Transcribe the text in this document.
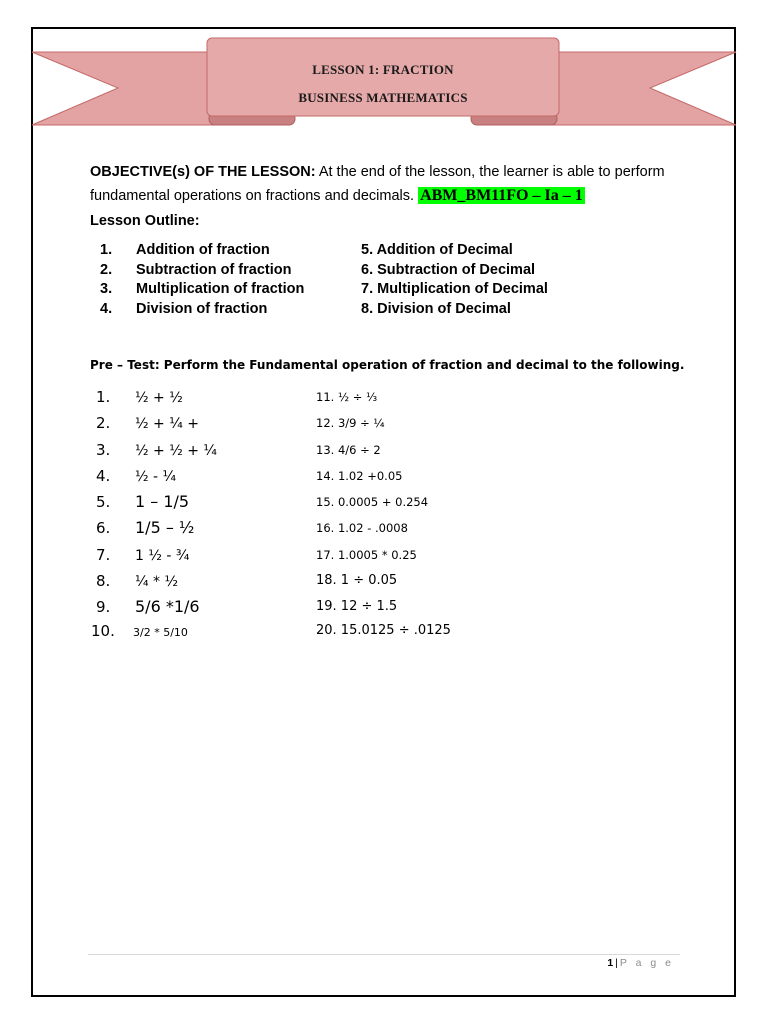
LESSON 1: FRACTION
BUSINESS MATHEMATICS
OBJECTIVE(s) OF THE LESSON: At the end of the lesson, the learner is able to perform fundamental operations on fractions and decimals. ABM_BM11FO – Ia – 1
Lesson Outline:
1. Addition of fraction
2. Subtraction of fraction
3. Multiplication of fraction
4. Division of fraction
5. Addition of Decimal
6. Subtraction of Decimal
7. Multiplication of Decimal
8. Division of Decimal
Pre – Test: Perform the Fundamental operation of fraction and decimal to the following.
1. ½ + ½
2. ½ + ¼ +
3. ½ + ½ + ¼
4. ½ - ¼
5. 1 – 1/5
6. 1/5 – ½
7. 1 ½ - ¾
8. ¼ * ½
9. 5/6 *1/6
10. 3/2 * 5/10
11. ½ ÷ ⅓
12. 3/9 ÷ ¼
13. 4/6 ÷ 2
14. 1.02 +0.05
15. 0.0005 + 0.254
16. 1.02 - .0008
17. 1.0005 * 0.25
18. 1 ÷ 0.05
19. 12 ÷ 1.5
20. 15.0125 ÷ .0125
1 | P a g e
